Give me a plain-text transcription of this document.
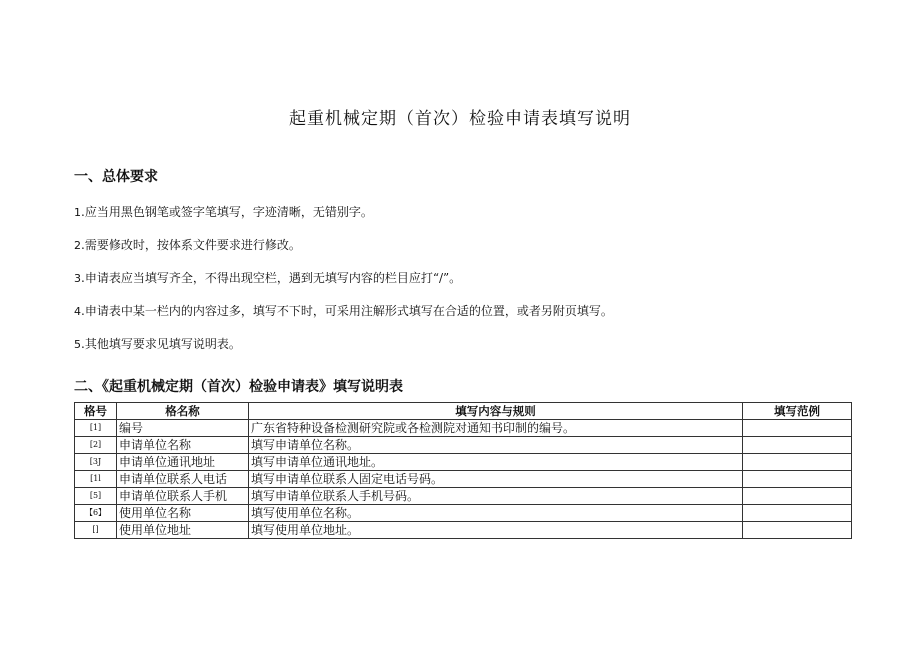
起重机械定期（首次）检验申请表填写说明
一、总体要求
1.应当用黑色钢笔或签字笔填写，字迹清晰，无错别字。
2.需要修改时，按体系文件要求进行修改。
3.申请表应当填写齐全，不得出现空栏，遇到无填写内容的栏目应打“/”。
4.申请表中某一栏内的内容过多，填写不下时，可采用注解形式填写在合适的位置，或者另附页填写。
5.其他填写要求见填写说明表。
二、《起重机械定期（首次）检验申请表》填写说明表
格号	格名称	填写内容与规则	填写范例
[1]	编号	广东省特种设备检测研究院或各检测院对通知书印制的编号。	
[2]	申请单位名称	填写申请单位名称。	
[3J	申请单位通讯地址	填写申请单位通讯地址。	
[1l	申请单位联系人电话	填写申请单位联系人固定电话号码。	
[5]	申请单位联系人手机	填写申请单位联系人手机号码。	
【6】	使用单位名称	填写使用单位名称。	
[]	使用单位地址	填写使用单位地址。	
